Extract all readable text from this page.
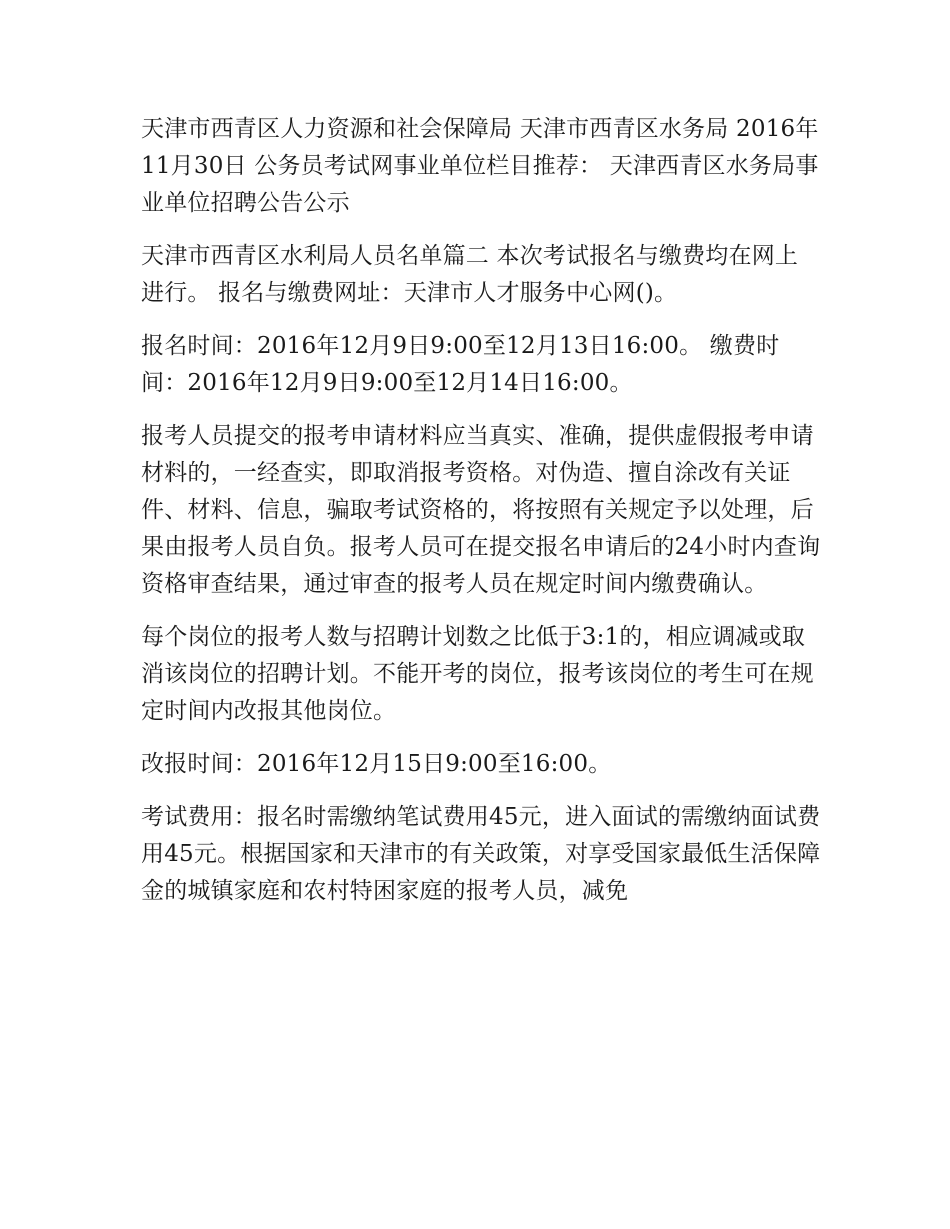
天津市西青区人力资源和社会保障局 天津市西青区水务局 2016年11月30日 公务员考试网事业单位栏目推荐： 天津西青区水务局事业单位招聘公告公示

天津市西青区水利局人员名单篇二 本次考试报名与缴费均在网上进行。 报名与缴费网址：天津市人才服务中心网()。

报名时间：2016年12月9日9:00至12月13日16:00。 缴费时间：2016年12月9日9:00至12月14日16:00。

报考人员提交的报考申请材料应当真实、准确，提供虚假报考申请材料的，一经查实，即取消报考资格。对伪造、擅自涂改有关证件、材料、信息，骗取考试资格的，将按照有关规定予以处理，后果由报考人员自负。报考人员可在提交报名申请后的24小时内查询资格审查结果，通过审查的报考人员在规定时间内缴费确认。

每个岗位的报考人数与招聘计划数之比低于3:1的，相应调减或取消该岗位的招聘计划。不能开考的岗位，报考该岗位的考生可在规定时间内改报其他岗位。

改报时间：2016年12月15日9:00至16:00。

考试费用：报名时需缴纳笔试费用45元，进入面试的需缴纳面试费用45元。根据国家和天津市的有关政策，对享受国家最低生活保障金的城镇家庭和农村特困家庭的报考人员，减免
